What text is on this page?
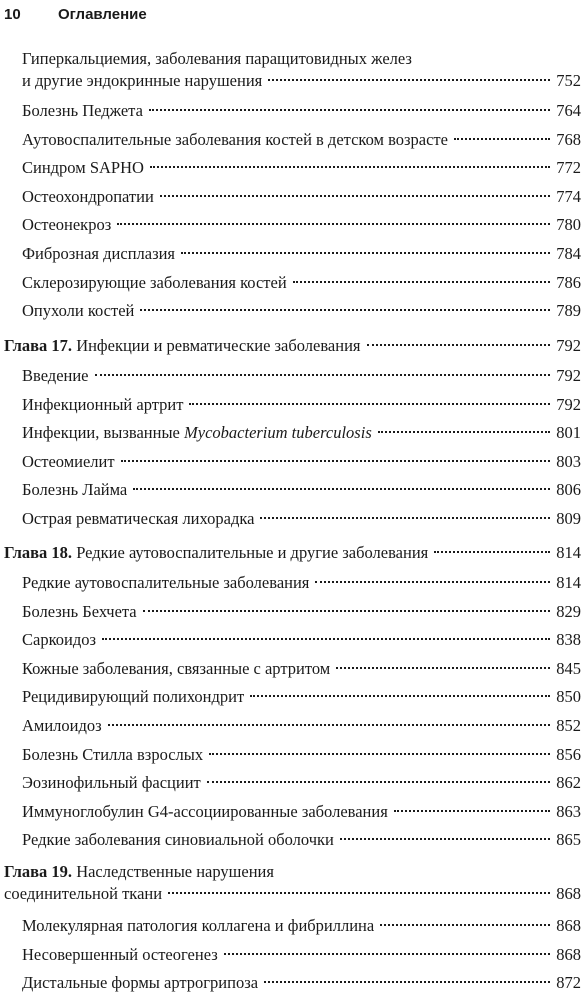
10 Оглавление
Гиперкальциемия, заболевания паращитовидных желез
и другие эндокринные нарушения	752
Болезнь Педжета	764
Аутовоспалительные заболевания костей в детском возрасте	768
Синдром SAPHO	772
Остеохондропатии	774
Остеонекроз	780
Фиброзная дисплазия	784
Склерозирующие заболевания костей	786
Опухоли костей	789
Глава 17. Инфекции и ревматические заболевания	792
Введение	792
Инфекционный артрит	792
Инфекции, вызванные Mycobacterium tuberculosis	801
Остеомиелит	803
Болезнь Лайма	806
Острая ревматическая лихорадка	809
Глава 18. Редкие аутовоспалительные и другие заболевания	814
Редкие аутовоспалительные заболевания	814
Болезнь Бехчета	829
Саркоидоз	838
Кожные заболевания, связанные с артритом	845
Рецидивирующий полихондрит	850
Амилоидоз	852
Болезнь Стилла взрослых	856
Эозинофильный фасциит	862
Иммуноглобулин G4-ассоциированные заболевания	863
Редкие заболевания синовиальной оболочки	865
Глава 19. Наследственные нарушения
соединительной ткани	868
Молекулярная патология коллагена и фибриллина	868
Несовершенный остеогенез	868
Дистальные формы артрогрипоза	872
